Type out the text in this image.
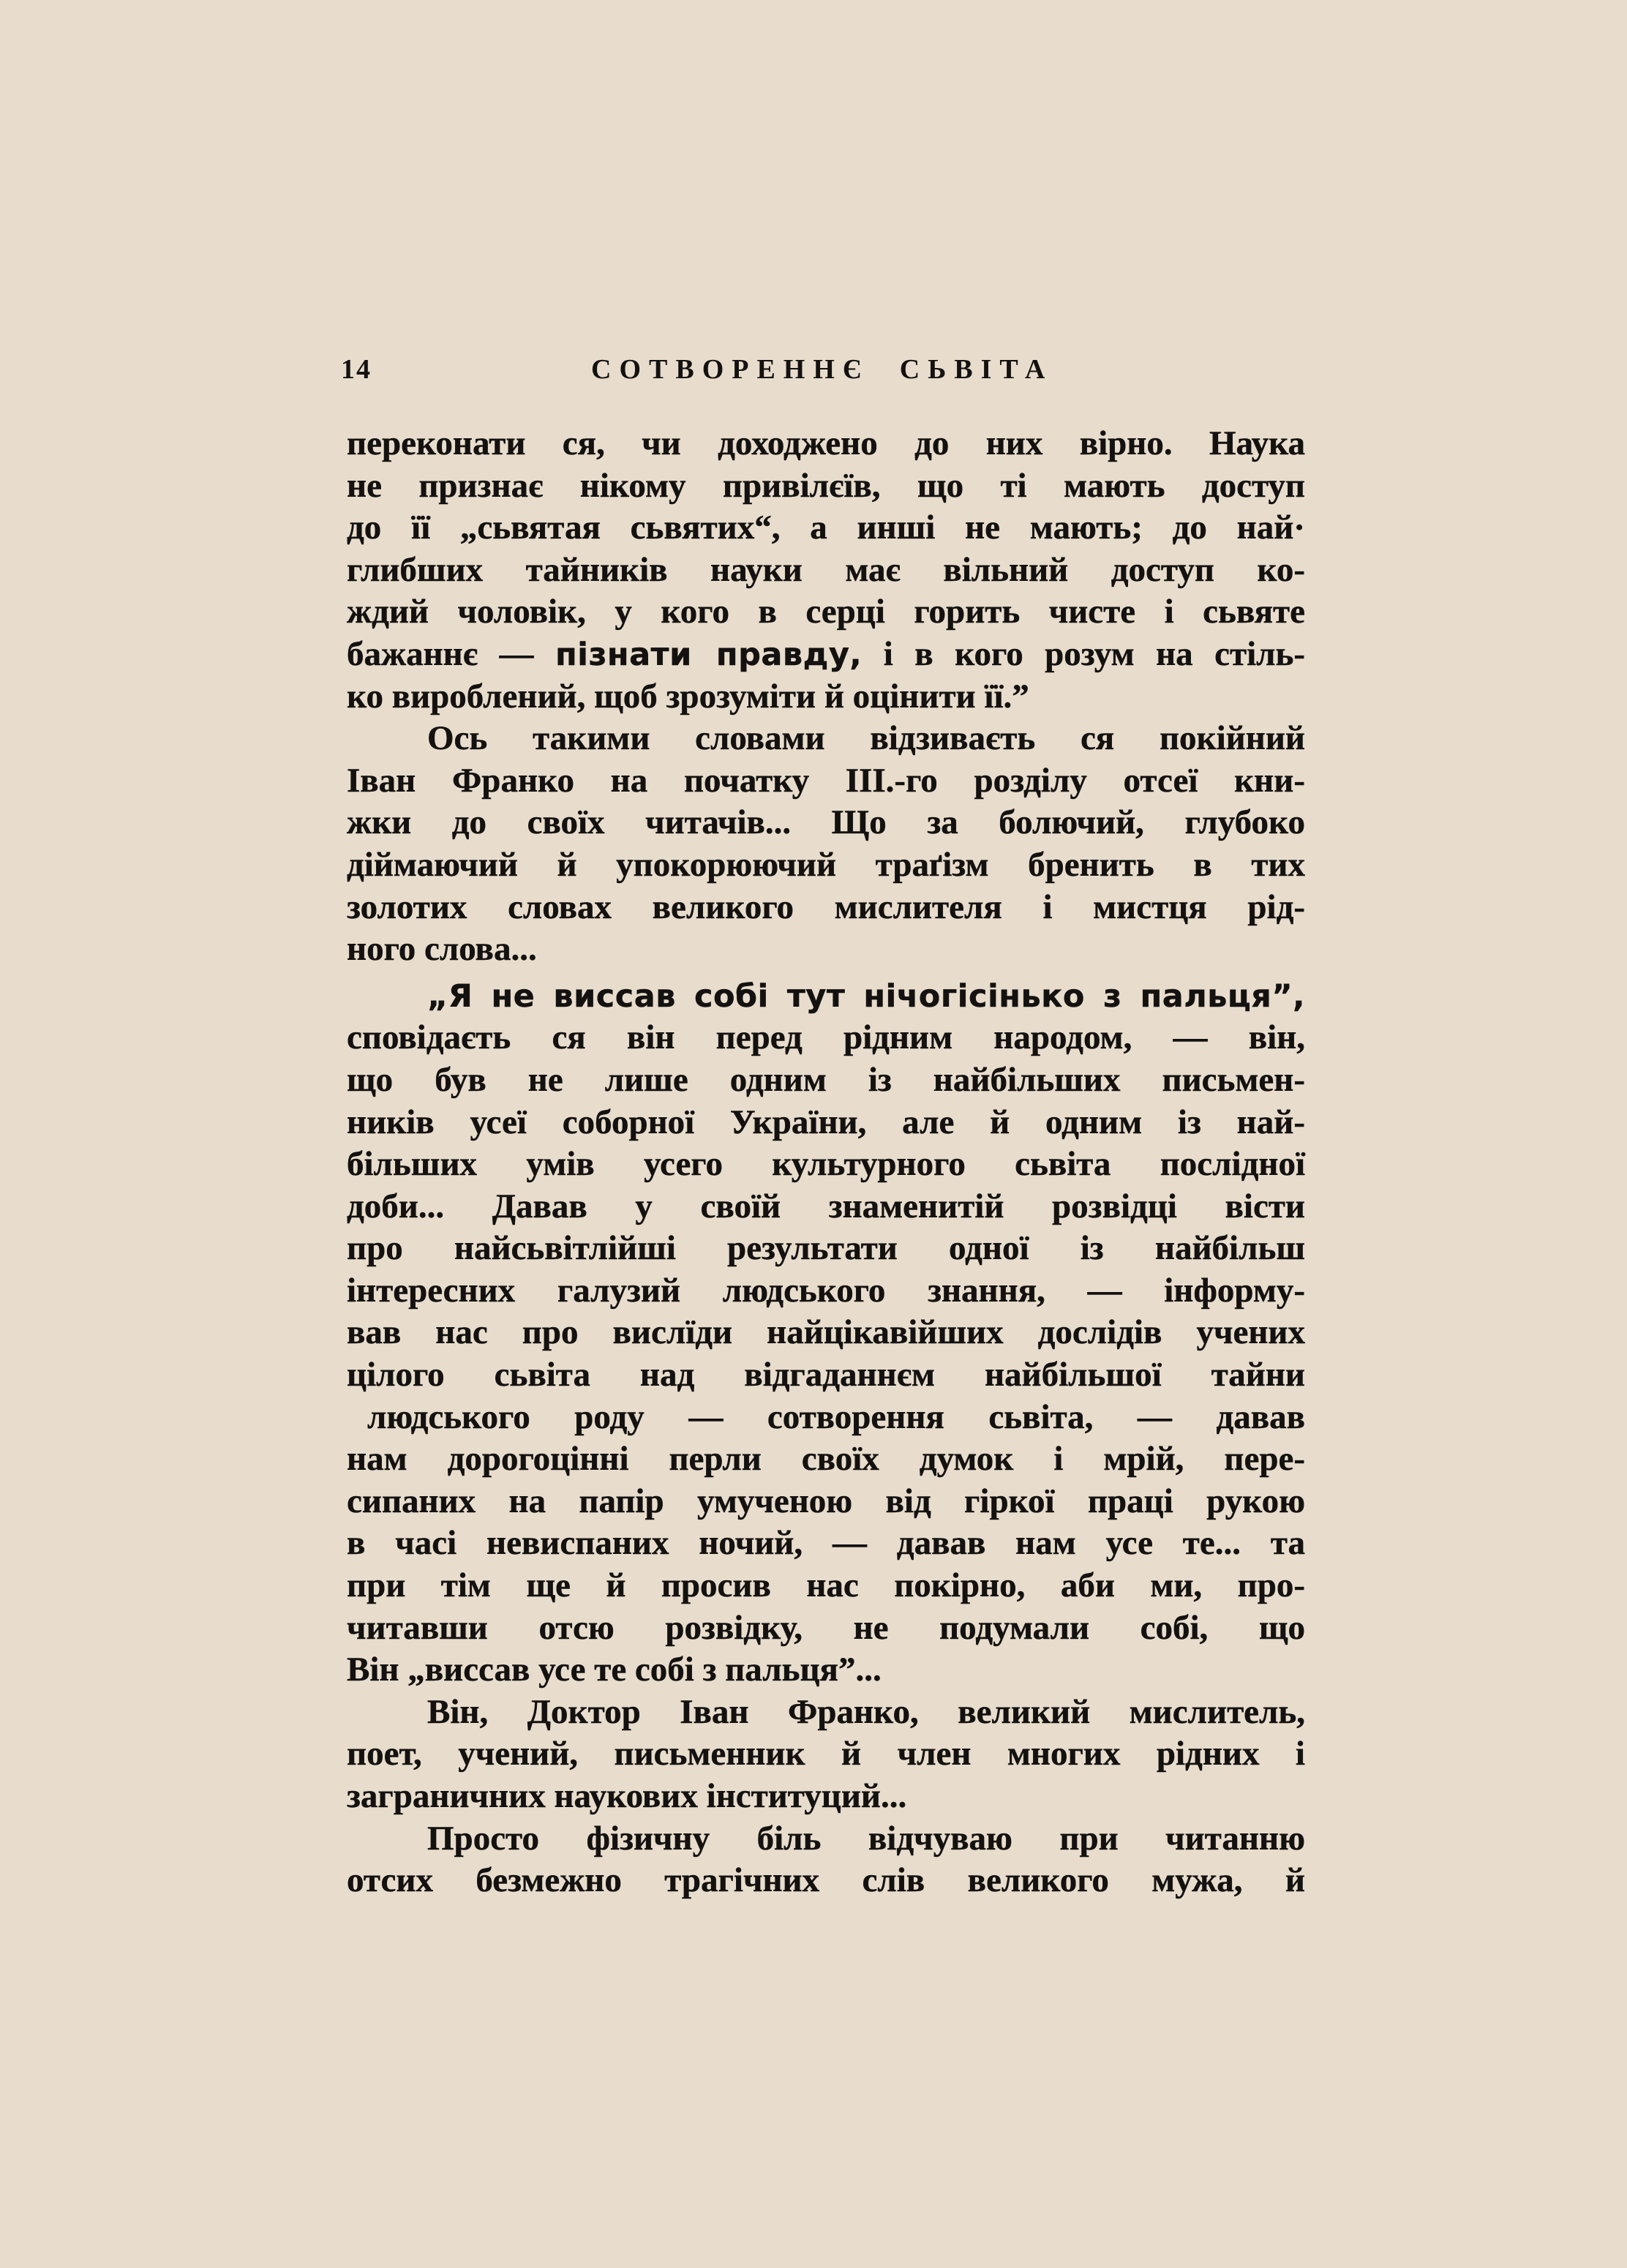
14	СОТВОРЕННЄ  СЬВІТА
переконати ся, чи доходжено до них вірно. Наука
не признає нікому привілєїв, що ті мають доступ
до її „сьвятая сьвятих“, а инші не мають; до най·
глибших тайників науки має вільний доступ ко-
ждий чоловік, у кого в серці горить чисте і сьвяте
бажаннє — пізнати правду, і в кого розум на стіль-
ко вироблений, щоб зрозуміти й оцінити її.”
Ось такими словами відзиваєть ся покійний
Іван Франко на початку III.-го розділу отсеї кни-
жки до своїх читачів... Що за болючий, глубоко
діймаючий й упокорюючий траґізм бренить в тих
золотих словах великого мислителя і мистця рід-
ного слова...
„Я не виссав собі тут нічогісінько з пальця”,
сповідаєть ся він перед рідним народом, — він,
що був не лише одним із найбільших письмен-
ників усеї соборної України, але й одним із най-
більших умів усего культурного сьвіта послідної
доби... Давав у своїй знаменитій розвідці вісти
про найсьвітлійші результати одної із найбільш
інтересних галузий людського знання, — інформу-
вав нас про вислїди найцікавійших дослідів учених
цілого сьвіта над відгаданнєм найбільшої тайни
людського роду — сотворення сьвіта, — давав
нам дорогоцінні перли своїх думок і мрій, пере-
сипаних на папір умученою від гіркої праці рукою
в часі невиспаних ночий, — давав нам усе те... та
при тім ще й просив нас покірно, аби ми, про-
читавши отсю розвідку, не подумали собі, що
Він „виссав усе те собі з пальця”...
Він, Доктор Іван Франко, великий мислитель,
поет, учений, письменник й член многих рідних і
заграничних наукових інституций...
Просто фізичну біль відчуваю при читанню
отсих безмежно трагічних слів великого мужа, й
